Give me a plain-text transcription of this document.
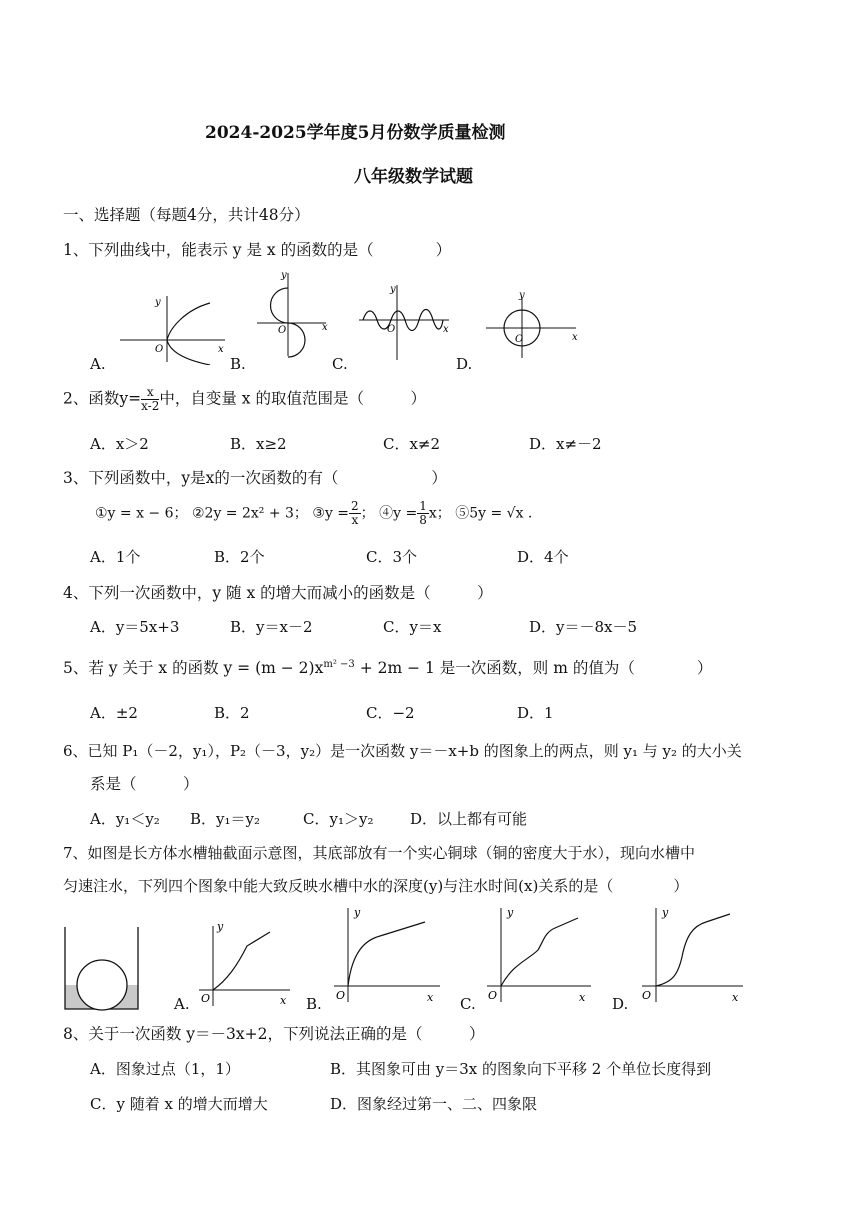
2024-2025学年度5月份数学质量检测
八年级数学试题
一、选择题（每题4分，共计48分）
1、下列曲线中，能表示 y 是 x 的函数的是（　　　　）
A.	B.	C.	D.
y
O	x
y
O	x
y
O	x
y
O	x
2、函数$y= \frac{x}{x-2}$ 中，自变量 x 的取值范围是（　　　）
A．x＞2	B．x≥2	C．x≠2	D．x≠－2
3、下列函数中，y是x的一次函数的有（　　　　　　）
①y = x − 6； ②2y = 2x² + 3； ③y = $\frac{2}{x}$ ； ④y = $\frac{1}{8}$ x； ⑤5y = √x .
A．1个	B．2个	C．3个	D．4个
4、下列一次函数中，y 随 x 的增大而减小的函数是（　　　）
A．y＝5x+3	B．y＝x－2	C．y＝x	D．y＝－8x－5
5、若 y 关于 x 的函数 $y = (m - 2)x^{m^2 -3} + 2m - 1$ 是一次函数，则 m 的值为（　　　　）
A．±2	B．2	C．−2	D．1
6、已知 P₁（－2，y₁），P₂（－3，y₂）是一次函数 y＝－x+b 的图象上的两点，则 y₁ 与 y₂ 的大小关
系是（　　　）
A．y₁＜y₂ B．y₁＝y₂	C．y₁＞y₂ D．以上都有可能
7、如图是长方体水槽轴截面示意图，其底部放有一个实心铜球（铜的密度大于水），现向水槽中
匀速注水，下列四个图象中能大致反映水槽中水的深度(y)与注水时间(x)关系的是（　　　　）
A.
y
O	x B.
y
O	x C.
y
O	x D.
y
O	x
8、关于一次函数 y＝－3x+2，下列说法正确的是（　　　）
A．图象过点（1，1）	B．其图象可由 y＝3x 的图象向下平移 2 个单位长度得到
C．y 随着 x 的增大而增大	D．图象经过第一、二、四象限
